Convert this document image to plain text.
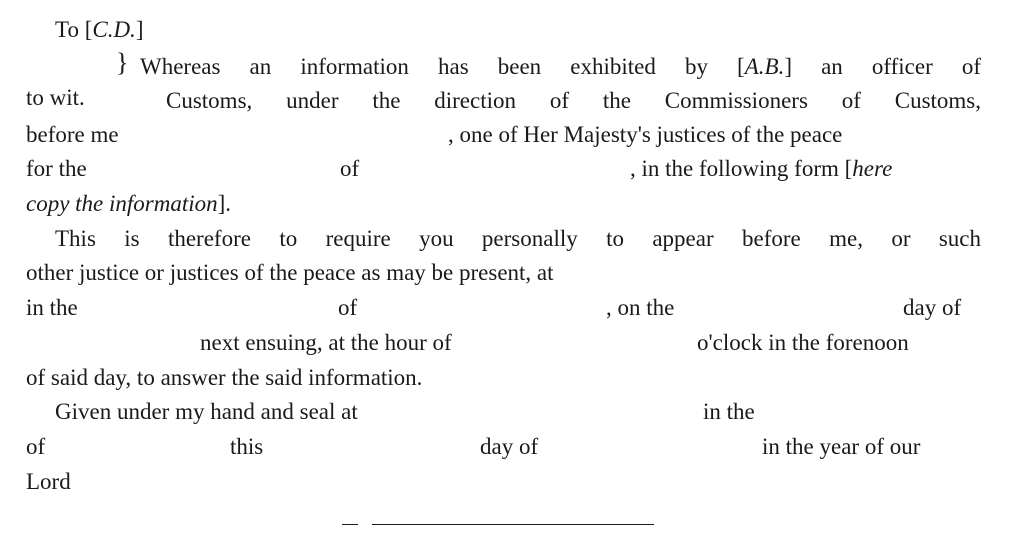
To [C.D.]
}
to wit.
Whereas an information has been exhibited by [A.B.] an officer of
Customs, under the direction of the Commissioners of Customs,
before me	, one of Her Majesty's justices of the peace
for the	of	, in the following form [here
copy the information].
This is therefore to require you personally to appear before me, or such
other justice or justices of the peace as may be present, at
in the	of	, on the	day of
next ensuing, at the hour of	o'clock in the forenoon
of said day, to answer the said information.
Given under my hand and seal at	in the
of	this	day of	in the year of our
Lord
